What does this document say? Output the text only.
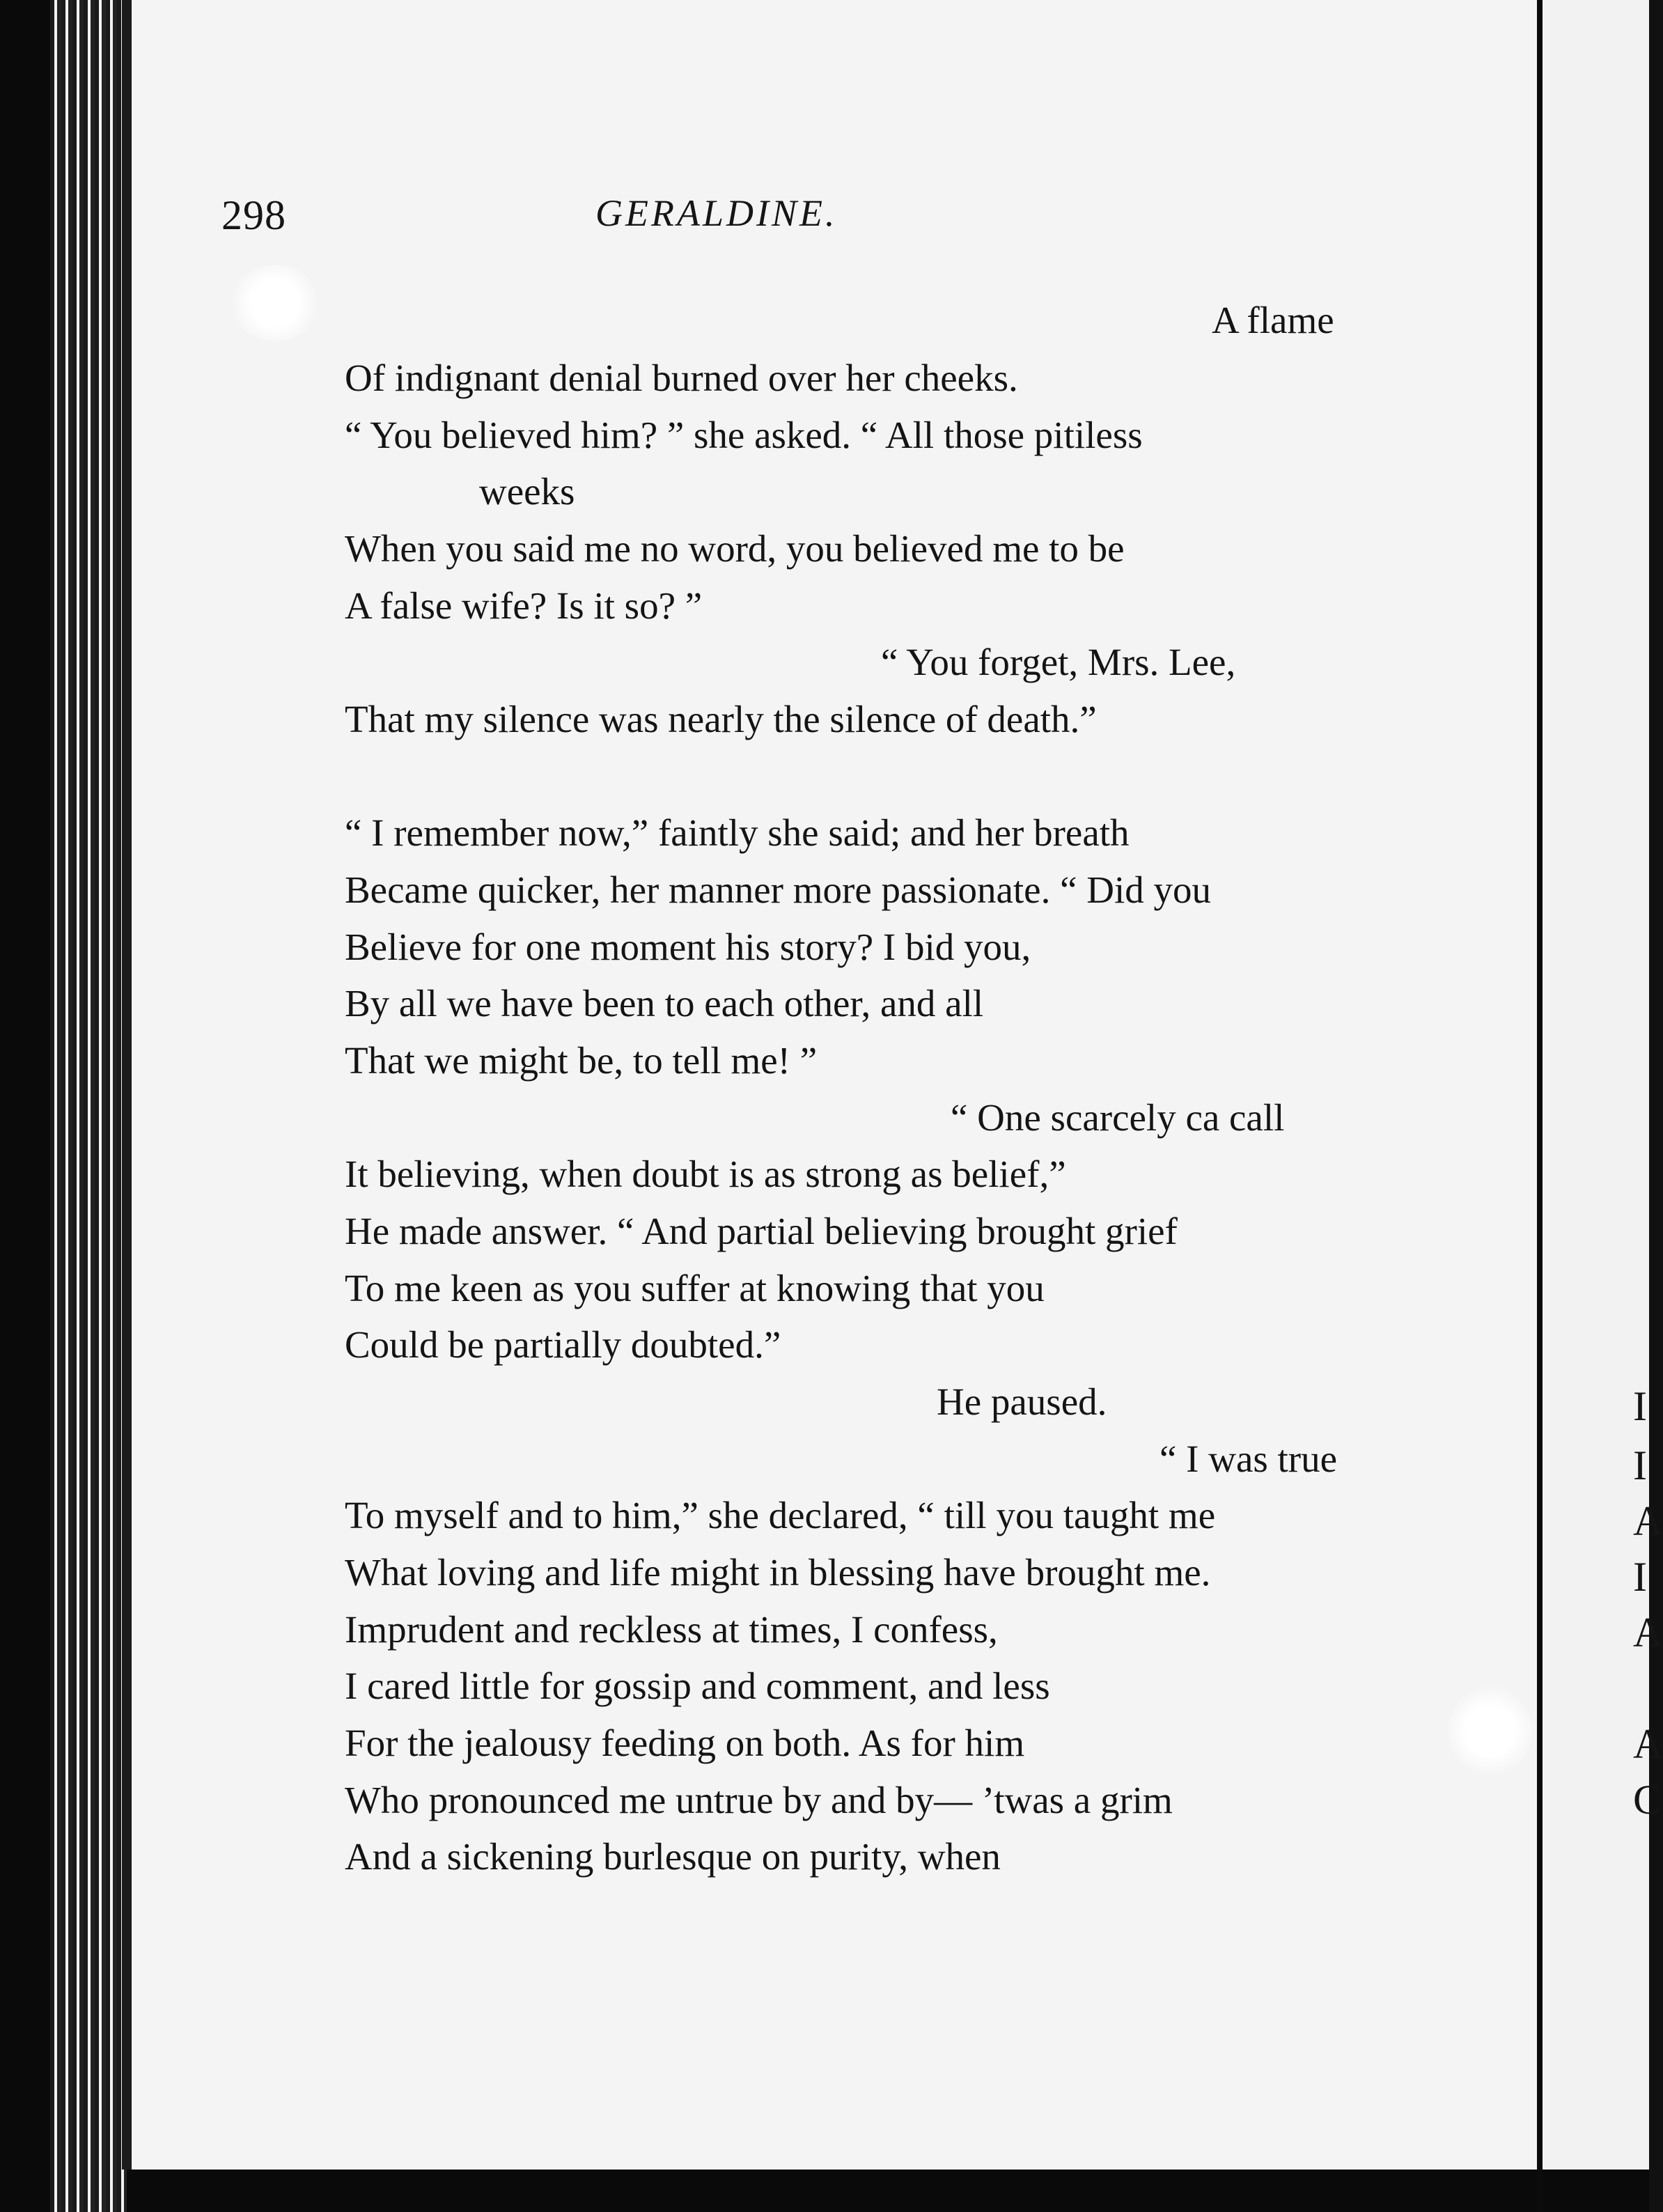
I
I
A
I
A
A
C
298	GERALDINE.
A flame
Of indignant denial burned over her cheeks.
“ You believed him? ” she asked. “ All those pitiless
weeks
When you said me no word, you believed me to be
A false wife? Is it so? ”
“ You forget, Mrs. Lee,
That my silence was nearly the silence of death.”
“ I remember now,” faintly she said; and her breath
Became quicker, her manner more passionate. “ Did you
Believe for one moment his story? I bid you,
By all we have been to each other, and all
That we might be, to tell me! ”
“ One scarcely ca call
It believing, when doubt is as strong as belief,”
He made answer. “ And partial believing brought grief
To me keen as you suffer at knowing that you
Could be partially doubted.”
He paused.
“ I was true
To myself and to him,” she declared, “ till you taught me
What loving and life might in blessing have brought me.
Imprudent and reckless at times, I confess,
I cared little for gossip and comment, and less
For the jealousy feeding on both. As for him
Who pronounced me untrue by and by— ’twas a grim
And a sickening burlesque on purity, when
